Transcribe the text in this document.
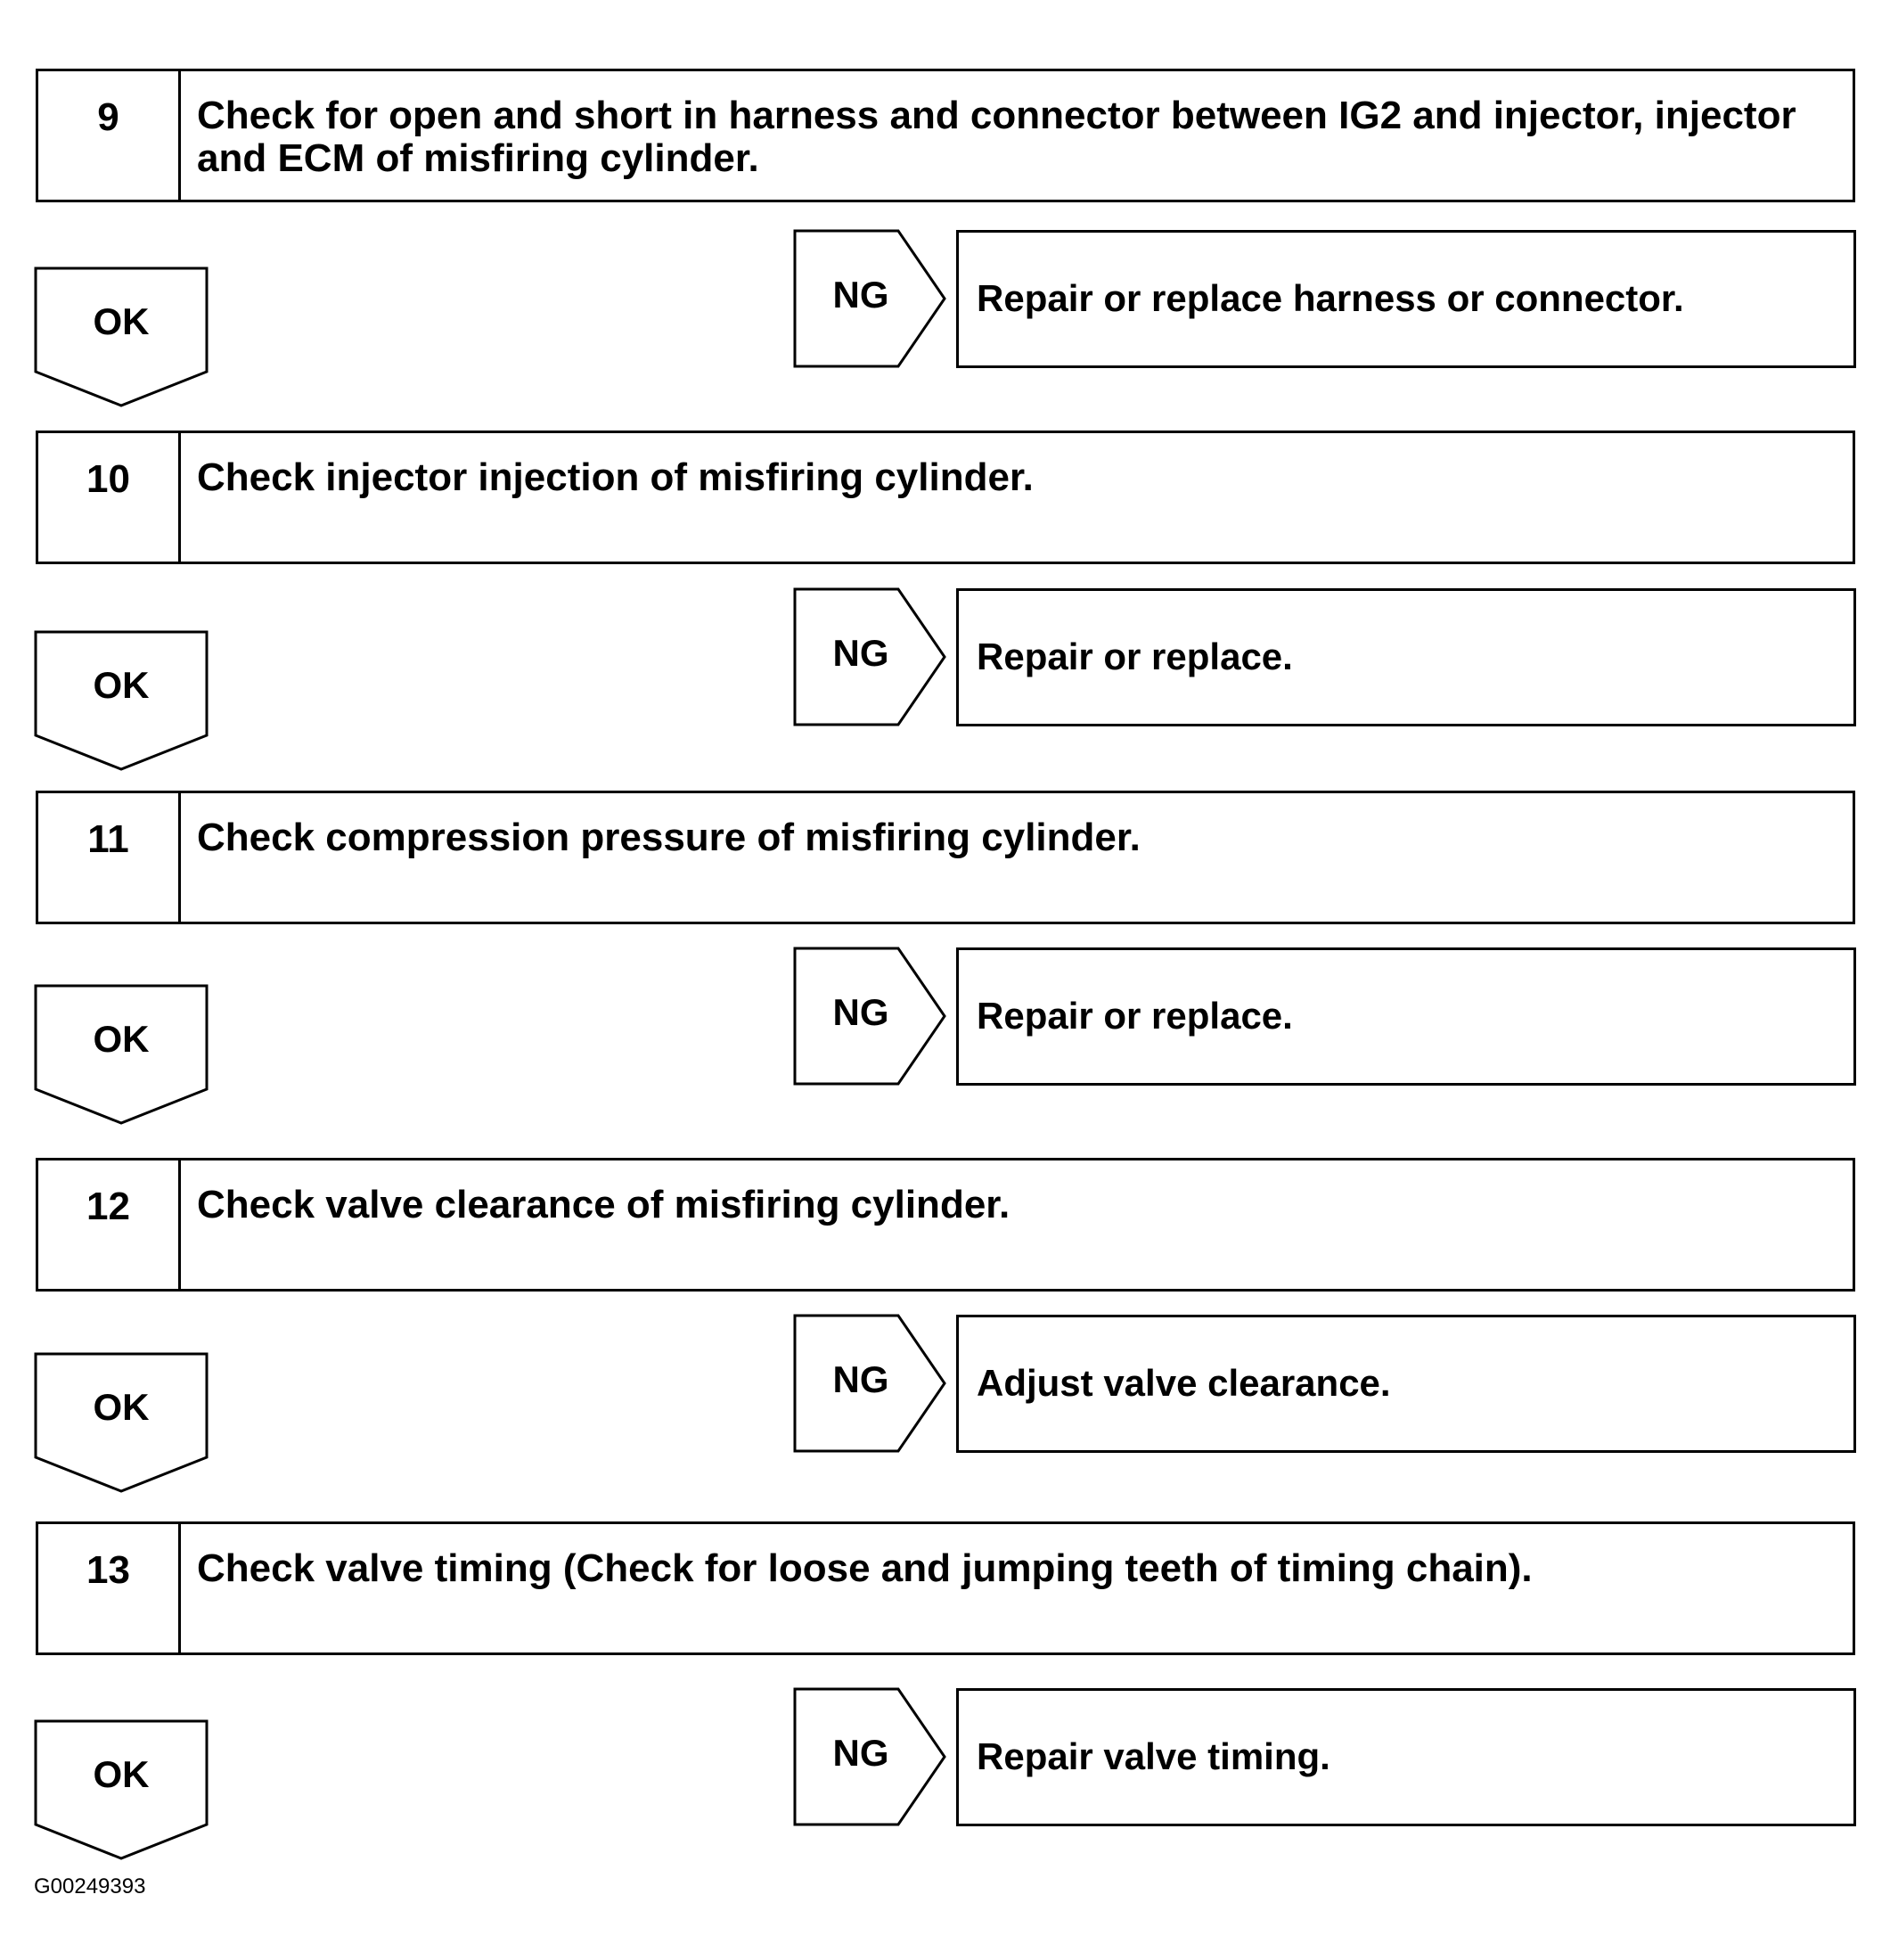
9	Check for open and short in harness and connector between IG2 and injector, injector and ECM of misfiring cylinder.
OK
NG	Repair or replace harness or connector.
10	Check injector injection of misfiring cylinder.
OK
NG	Repair or replace.
11	Check compression pressure of misfiring cylinder.
OK
NG	Repair or replace.
12	Check valve clearance of misfiring cylinder.
OK
NG	Adjust valve clearance.
13	Check valve timing (Check for loose and jumping teeth of timing chain).
OK
NG	Repair valve timing.
G00249393
